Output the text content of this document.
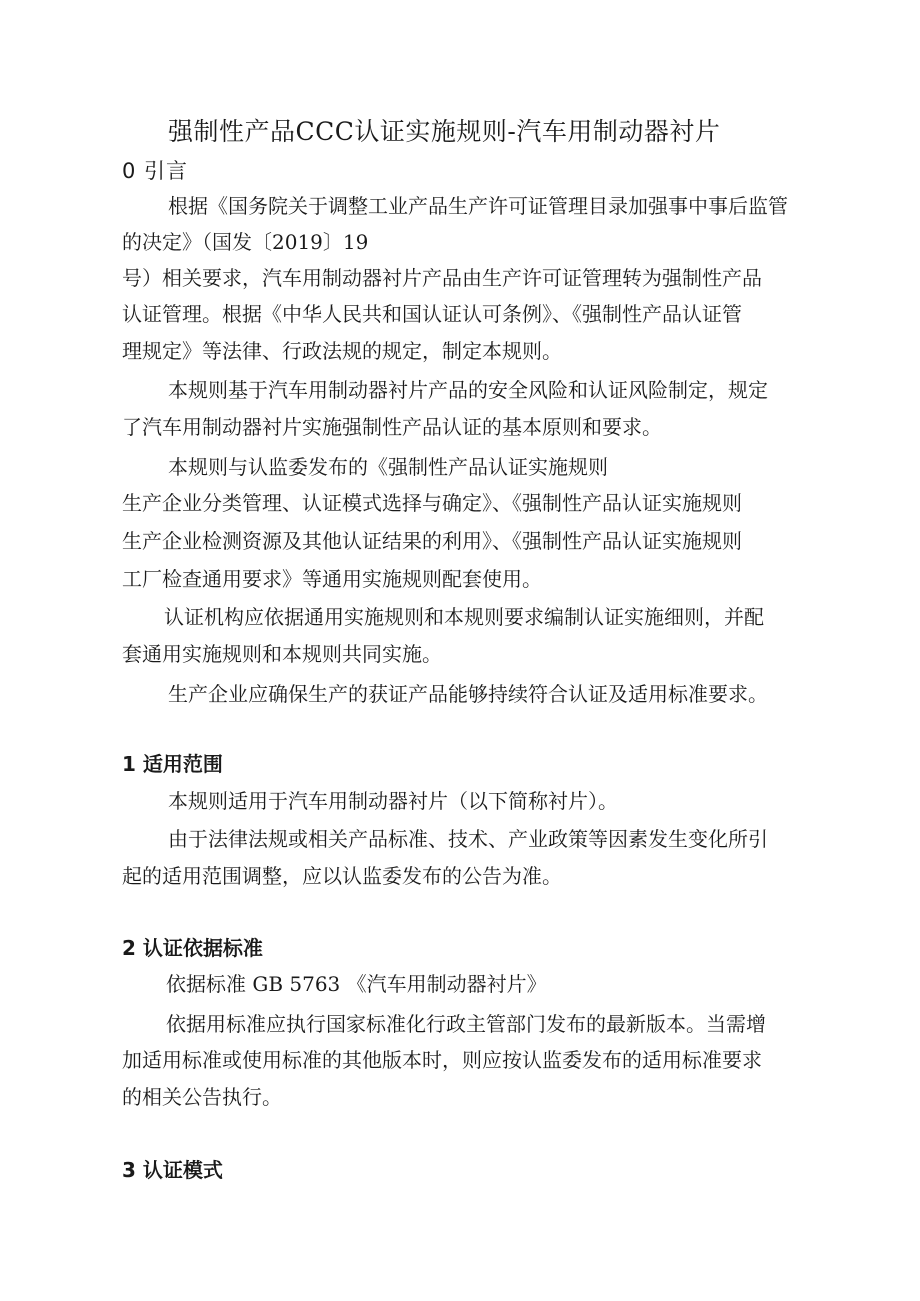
强制性产品CCC认证实施规则-汽车用制动器衬片
0 引言
根据《国务院关于调整工业产品生产许可证管理目录加强事中事后监管
的决定》（国发〔2019〕19
号）相关要求，汽车用制动器衬片产品由生产许可证管理转为强制性产品
认证管理。根据《中华人民共和国认证认可条例》、《强制性产品认证管
理规定》等法律、行政法规的规定，制定本规则。
本规则基于汽车用制动器衬片产品的安全风险和认证风险制定，规定
了汽车用制动器衬片实施强制性产品认证的基本原则和要求。
本规则与认监委发布的《强制性产品认证实施规则
生产企业分类管理、认证模式选择与确定》、《强制性产品认证实施规则
生产企业检测资源及其他认证结果的利用》、《强制性产品认证实施规则
工厂检查通用要求》等通用实施规则配套使用。
认证机构应依据通用实施规则和本规则要求编制认证实施细则，并配
套通用实施规则和本规则共同实施。
生产企业应确保生产的获证产品能够持续符合认证及适用标准要求。
1 适用范围
本规则适用于汽车用制动器衬片（以下简称衬片）。
由于法律法规或相关产品标准、技术、产业政策等因素发生变化所引
起的适用范围调整，应以认监委发布的公告为准。
2 认证依据标准
依据标准 GB 5763 《汽车用制动器衬片》
依据用标准应执行国家标准化行政主管部门发布的最新版本。当需增
加适用标准或使用标准的其他版本时，则应按认监委发布的适用标准要求
的相关公告执行。
3 认证模式
